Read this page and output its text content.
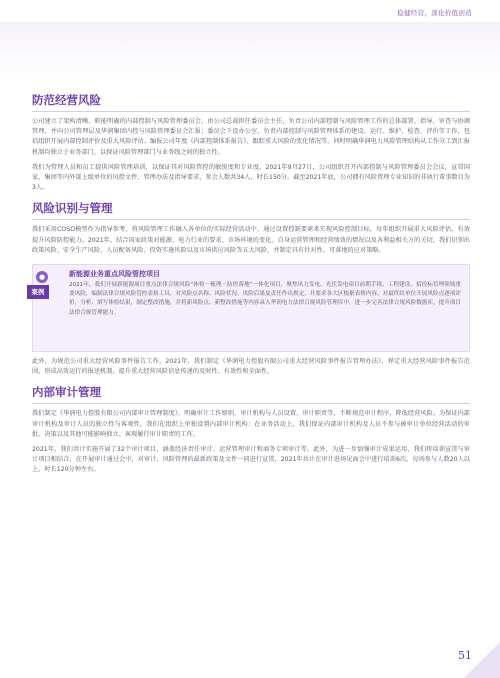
稳健经营，深化价值创造
防范经营风险

公司建立了架构清晰、职能明确的内部控制与风险管理委员会，由公司总裁担任委员会主任，负责公司内部控制与风险管理工作的总体部署、指导、审查与协调管理，并向公司管理层及华润集团内控与风险管理委员会汇报；委员会下设办公室，负责内部控制与风险管理体系的建设、运行、维护、检查、评价等工作，包括组织开展内部控制评价及重大风险评估、编报公司年度《内部控制体系报告》、跟踪重大风险的变化情况等。同时明确华润电力风险管理结构从工作分工到汇报机制均独立于业务部门，以保证风险管理部门与业务线之间的独立性。

我们为管理人员和员工提供风险管理培训，以保证其对风险管控的敏锐度和专业度。2021年9月27日，公司组织召开内部控制与风险管理委员会会议，宣贯国家、集团等内外部上级单位的风控文件、管理办法及指导要求，参会人数共34人，时长150分。截至2021年底，公司拥有风险管理专业知识的非执行董事数目为3人。

风险识别与管理

我们采用COSO模型作为指导参考，将风险管理工作融入各单位的实际经营活动中，通过设置控制要素来实现风险控制目标，每年组织开展重大风险评估，有效提升风险防控能力。2021年，结合国家政策对能源、电力行业的要求、市场环境的变化、自身运营管理和经营绩效的情况以及各利益相关方的关切，我们识别出政策风险、安全生产风险、人员配备风险、投资实施风险以及市场供应风险等五大风险，并制定具有针对性、可落地的应对策略。

●
案例
新能源业务重点风险管控项目
2021年，我们开展新能源项目重点法律合规风险“体检－梳理－防控落地”一体化项目，聚焦风力发电、光伏发电项目前期手续、工程建设、招投标管理领域重要风险，编制法律合规风险管控表格工具，对风险点名称、风险状况、风险后果及责任作出规定，并要求各大区根据表格内容，对最终给单位开展风险点逐项评价，分析、填写体检结果，制定整改措施，并将新风险点、新整改措施等内容录入华润电力法律合规风险管理库中，进一步完善法律合规风险数据库，提升项目法律合规管理能力。

此外，为规范公司重大经营风险事件报告工作，2021年，我们制定《华润电力控股有限公司重大经营风险事件报告管理办法》，界定重大经营风险事件报告范围，形成高效运行的报送机制，提升重大经营风险信息传递的及时性、有效性和全面性。

内部审计管理

我们制定《华润电力控股有限公司内部审计管理制度》，明确审计工作原则、审计机构与人员设置、审计职责等，不断规范审计程序，降低经营风险。为保证内部审计机构及审计人员的独立性与客观性，我们在组织上单独设置内部审计机构：在业务活动上，我们保证内部审计机构及人员不参与被审计单位经营活动的审批、决策以及其他可能影响独立、客观履行审计职责的工作。

2021年，我们共计实施开展了32个审计项目，涵盖经济责任审计、运营管理审计和商务专项审计等。此外，为进一步加强审计成果运用，我们将培训宣贯与审计项目相结合，在开展审计通过会中，对审计、风险管理的最新政策及文件一同进行宣贯，2021年共计在审计进场见面会中进行培训6次，每场参与人数20人以上，时长120分钟左右。

51
